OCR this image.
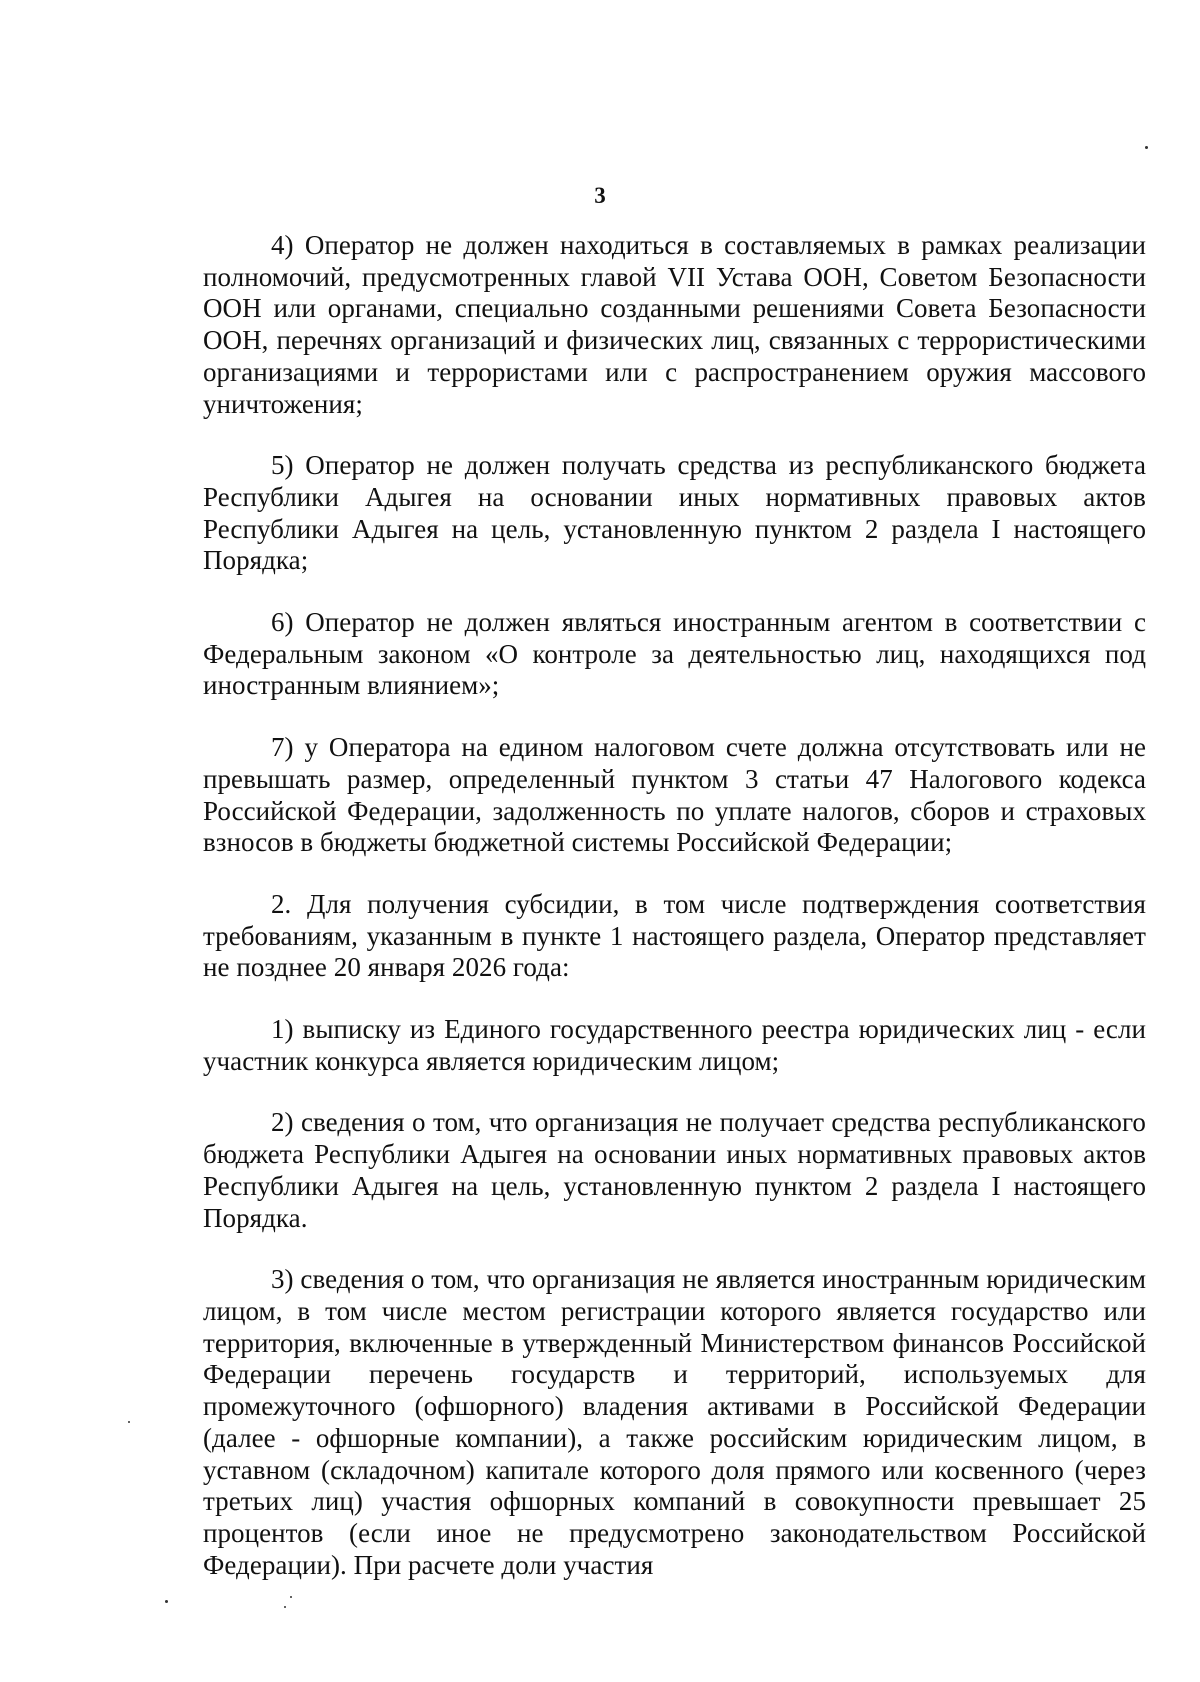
3

4) Оператор не должен находиться в составляемых в рамках реализации полномочий, предусмотренных главой VII Устава ООН, Советом Безопасности ООН или органами, специально созданными решениями Совета Безопасности ООН, перечнях организаций и физических лиц, связанных с террористическими организациями и террористами или с распространением оружия массового уничтожения;

5) Оператор не должен получать средства из республиканского бюджета Республики Адыгея на основании иных нормативных правовых актов Республики Адыгея на цель, установленную пунктом 2 раздела I настоящего Порядка;

6) Оператор не должен являться иностранным агентом в соответствии с Федеральным законом «О контроле за деятельностью лиц, находящихся под иностранным влиянием»;

7) у Оператора на едином налоговом счете должна отсутствовать или не превышать размер, определенный пунктом 3 статьи 47 Налогового кодекса Российской Федерации, задолженность по уплате налогов, сборов и страховых взносов в бюджеты бюджетной системы Российской Федерации;

2. Для получения субсидии, в том числе подтверждения соответствия требованиям, указанным в пункте 1 настоящего раздела, Оператор представляет не позднее 20 января 2026 года:

1) выписку из Единого государственного реестра юридических лиц - если участник конкурса является юридическим лицом;

2) сведения о том, что организация не получает средства республиканского бюджета Республики Адыгея на основании иных нормативных правовых актов Республики Адыгея на цель, установленную пунктом 2 раздела I настоящего Порядка.

3) сведения о том, что организация не является иностранным юридическим лицом, в том числе местом регистрации которого является государство или территория, включенные в утвержденный Министерством финансов Российской Федерации перечень государств и территорий, используемых для промежуточного (офшорного) владения активами в Российской Федерации (далее - офшорные компании), а также российским юридическим лицом, в уставном (складочном) капитале которого доля прямого или косвенного (через третьих лиц) участия офшорных компаний в совокупности превышает 25 процентов (если иное не предусмотрено законодательством Российской Федерации). При расчете доли участия
